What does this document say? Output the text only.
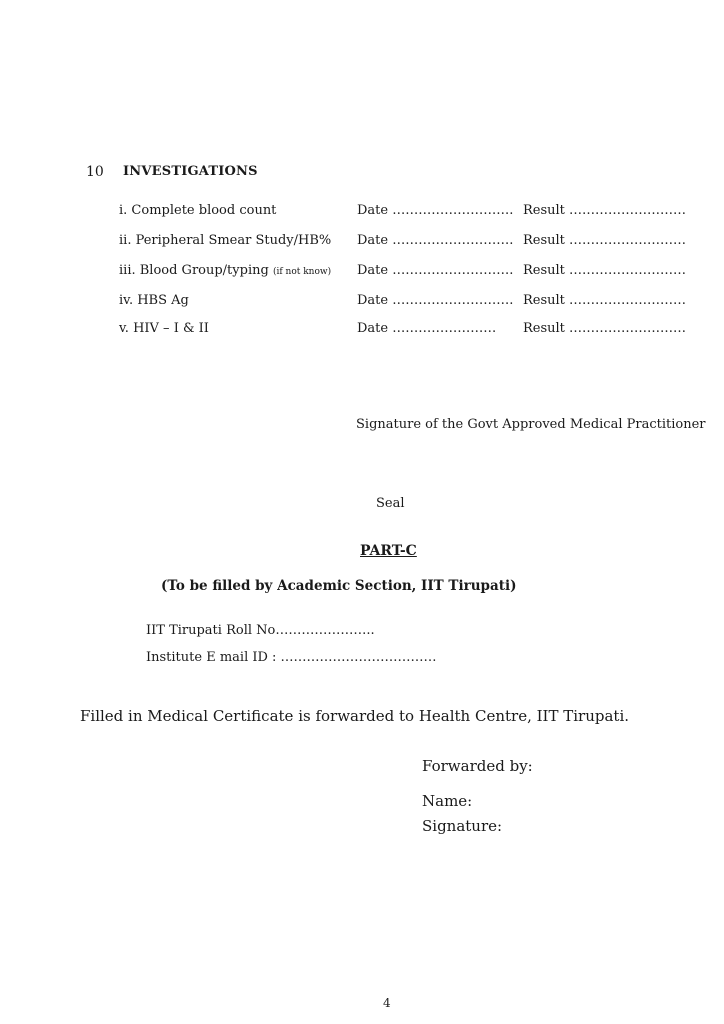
10 INVESTIGATIONS
i. Complete blood count	Date ………………………. Result ………………………
ii. Peripheral Smear Study/HB% Date ………………………. Result ………………………
iii. Blood Group/typing (if not know) Date ………………………. Result ………………………
iv. HBS Ag	Date ………………………. Result ………………………
v. HIV – I & II	Date …………………… Result ………………………
Signature of the Govt Approved Medical Practitioner
Seal
PART-C
(To be filled by Academic Section, IIT Tirupati)
IIT Tirupati Roll No…………………..
Institute E mail ID : ………………………………
Filled in Medical Certificate is forwarded to Health Centre, IIT Tirupati.
Forwarded by:
Name:
Signature:
4
